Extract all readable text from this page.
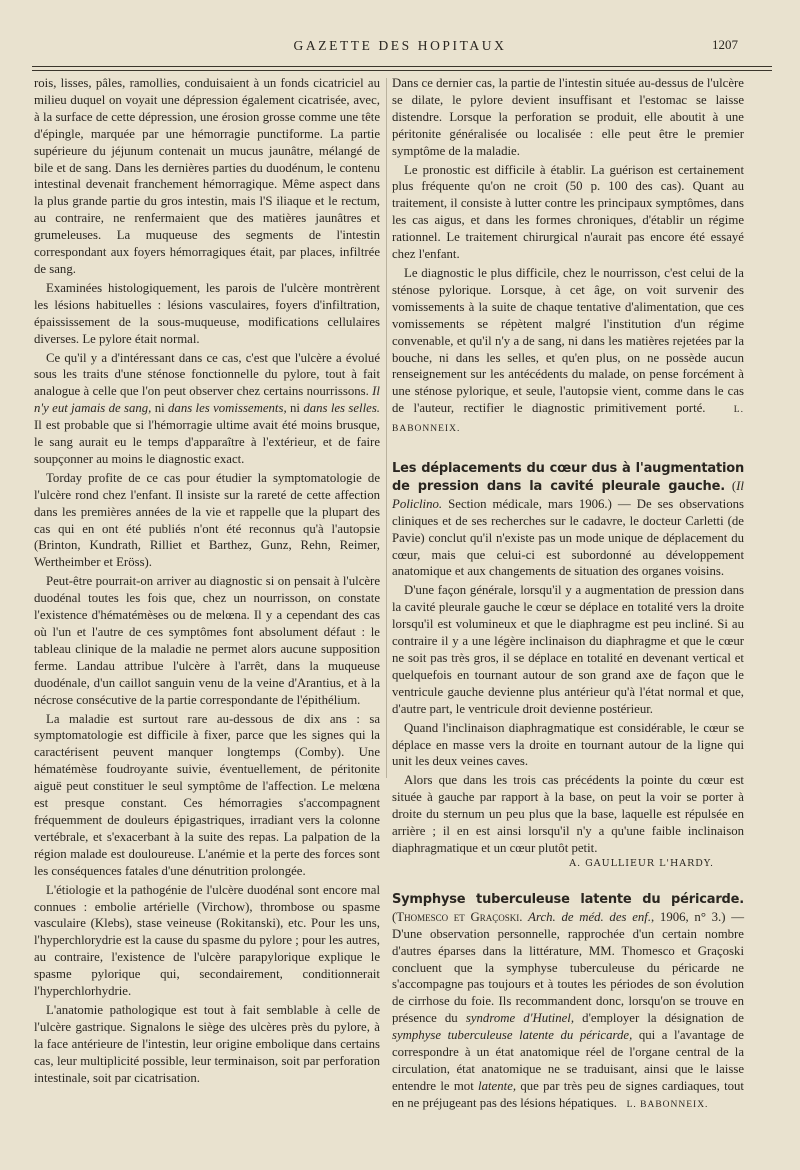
GAZETTE DES HOPITAUX	1207

rois, lisses, pâles, ramollies, conduisaient à un fonds cicatriciel au milieu duquel on voyait une dépression également cicatrisée, avec, à la surface de cette dépression, une érosion grosse comme une tête d'épingle, marquée par une hémorragie punctiforme. La partie supérieure du jéjunum contenait un mucus jaunâtre, mélangé de bile et de sang. Dans les dernières parties du duodénum, le contenu intestinal devenait franchement hémorragique. Même aspect dans la plus grande partie du gros intestin, mais l'S iliaque et le rectum, au contraire, ne renfermaient que des matières jaunâtres et grumeleuses. La muqueuse des segments de l'intestin correspondant aux foyers hémorragiques était, par places, infiltrée de sang.

Examinées histologiquement, les parois de l'ulcère montrèrent les lésions habituelles : lésions vasculaires, foyers d'infiltration, épaississement de la sous-muqueuse, modifications cellulaires diverses. Le pylore était normal.

Ce qu'il y a d'intéressant dans ce cas, c'est que l'ulcère a évolué sous les traits d'une sténose fonctionnelle du pylore, tout à fait analogue à celle que l'on peut observer chez certains nourrissons. Il n'y eut jamais de sang, ni dans les vomissements, ni dans les selles. Il est probable que si l'hémorragie ultime avait été moins brusque, le sang aurait eu le temps d'apparaître à l'extérieur, et de faire soupçonner au moins le diagnostic exact.

Torday profite de ce cas pour étudier la symptomatologie de l'ulcère rond chez l'enfant. Il insiste sur la rareté de cette affection dans les premières années de la vie et rappelle que la plupart des cas qui en ont été publiés n'ont été reconnus qu'à l'autopsie (Brinton, Kundrath, Rilliet et Barthez, Gunz, Rehn, Reimer, Wertheimber et Eröss).

Peut-être pourrait-on arriver au diagnostic si on pensait à l'ulcère duodénal toutes les fois que, chez un nourrisson, on constate l'existence d'hématémèses ou de melœna. Il y a cependant des cas où l'un et l'autre de ces symptômes font absolument défaut : le tableau clinique de la maladie ne permet alors aucune supposition ferme. Landau attribue l'ulcère à l'arrêt, dans la muqueuse duodénale, d'un caillot sanguin venu de la veine d'Arantius, et à la nécrose consécutive de la partie correspondante de l'épithélium.

La maladie est surtout rare au-dessous de dix ans : sa symptomatologie est difficile à fixer, parce que les signes qui la caractérisent peuvent manquer longtemps (Comby). Une hématémèse foudroyante suivie, éventuellement, de péritonite aiguë peut constituer le seul symptôme de l'affection. Le melœna est presque constant. Ces hémorragies s'accompagnent fréquemment de douleurs épigastriques, irradiant vers la colonne vertébrale, et s'exacerbant à la suite des repas. La palpation de la région malade est douloureuse. L'anémie et la perte des forces sont les conséquences fatales d'une dénutrition prolongée.

L'étiologie et la pathogénie de l'ulcère duodénal sont encore mal connues : embolie artérielle (Virchow), thrombose ou spasme vasculaire (Klebs), stase veineuse (Rokitanski), etc. Pour les uns, l'hyperchlorydrie est la cause du spasme du pylore ; pour les autres, au contraire, l'existence de l'ulcère parapylorique explique le spasme pylorique qui, secondairement, conditionnerait l'hyperchlorhydrie.

L'anatomie pathologique est tout à fait semblable à celle de l'ulcère gastrique. Signalons le siège des ulcères près du pylore, à la face antérieure de l'intestin, leur origine embolique dans certains cas, leur multiplicité possible, leur terminaison, soit par perforation intestinale, soit par cicatrisation.

Dans ce dernier cas, la partie de l'intestin située au-dessus de l'ulcère se dilate, le pylore devient insuffisant et l'estomac se laisse distendre. Lorsque la perforation se produit, elle aboutit à une péritonite généralisée ou localisée : elle peut être le premier symptôme de la maladie.

Le pronostic est difficile à établir. La guérison est certainement plus fréquente qu'on ne croit (50 p. 100 des cas). Quant au traitement, il consiste à lutter contre les principaux symptômes, dans les cas aigus, et dans les formes chroniques, d'établir un régime rationnel. Le traitement chirurgical n'aurait pas encore été essayé chez l'enfant.

Le diagnostic le plus difficile, chez le nourrisson, c'est celui de la sténose pylorique. Lorsque, à cet âge, on voit survenir des vomissements à la suite de chaque tentative d'alimentation, que ces vomissements se répètent malgré l'institution d'un régime convenable, et qu'il n'y a de sang, ni dans les matières rejetées par la bouche, ni dans les selles, et qu'en plus, on ne possède aucun renseignement sur les antécédents du malade, on pense forcément à une sténose pylorique, et seule, l'autopsie vient, comme dans le cas de l'auteur, rectifier le diagnostic primitivement porté.	L. BABONNEIX.

Les déplacements du cœur dus à l'augmentation de pression dans la cavité pleurale gauche. (Il Policlino. Section médicale, mars 1906.) — De ses observations cliniques et de ses recherches sur le cadavre, le docteur Carletti (de Pavie) conclut qu'il n'existe pas un mode unique de déplacement du cœur, mais que celui-ci est subordonné au développement anatomique et aux changements de situation des organes voisins.

D'une façon générale, lorsqu'il y a augmentation de pression dans la cavité pleurale gauche le cœur se déplace en totalité vers la droite lorsqu'il est volumineux et que le diaphragme est peu incliné. Si au contraire il y a une légère inclinaison du diaphragme et que le cœur ne soit pas très gros, il se déplace en totalité en devenant vertical et quelquefois en tournant autour de son grand axe de façon que le ventricule gauche devienne plus antérieur qu'à l'état normal et que, d'autre part, le ventricule droit devienne postérieur.

Quand l'inclinaison diaphragmatique est considérable, le cœur se déplace en masse vers la droite en tournant autour de la ligne qui unit les deux veines caves.

Alors que dans les trois cas précédents la pointe du cœur est située à gauche par rapport à la base, on peut la voir se porter à droite du sternum un peu plus que la base, laquelle est répulsée en arrière ; il en est ainsi lorsqu'il n'y a qu'une faible inclinaison diaphragmatique et un cœur plutôt petit.

A. GAULLIEUR L'HARDY.

Symphyse tuberculeuse latente du péricarde. (Thomesco et Graçoski. Arch. de méd. des enf., 1906, n° 3.) — D'une observation personnelle, rapprochée d'un certain nombre d'autres éparses dans la littérature, MM. Thomesco et Graçoski concluent que la symphyse tuberculeuse du péricarde ne s'accompagne pas toujours et à toutes les périodes de son évolution de cirrhose du foie. Ils recommandent donc, lorsqu'on se trouve en présence du syndrome d'Hutinel, d'employer la désignation de symphyse tuberculeuse latente du péricarde, qui a l'avantage de correspondre à un état anatomique réel de l'organe central de la circulation, état anatomique ne se traduisant, ainsi que le laisse entendre le mot latente, que par très peu de signes cardiaques, tout en ne préjugeant pas des lésions hépatiques. L. BABONNEIX.
